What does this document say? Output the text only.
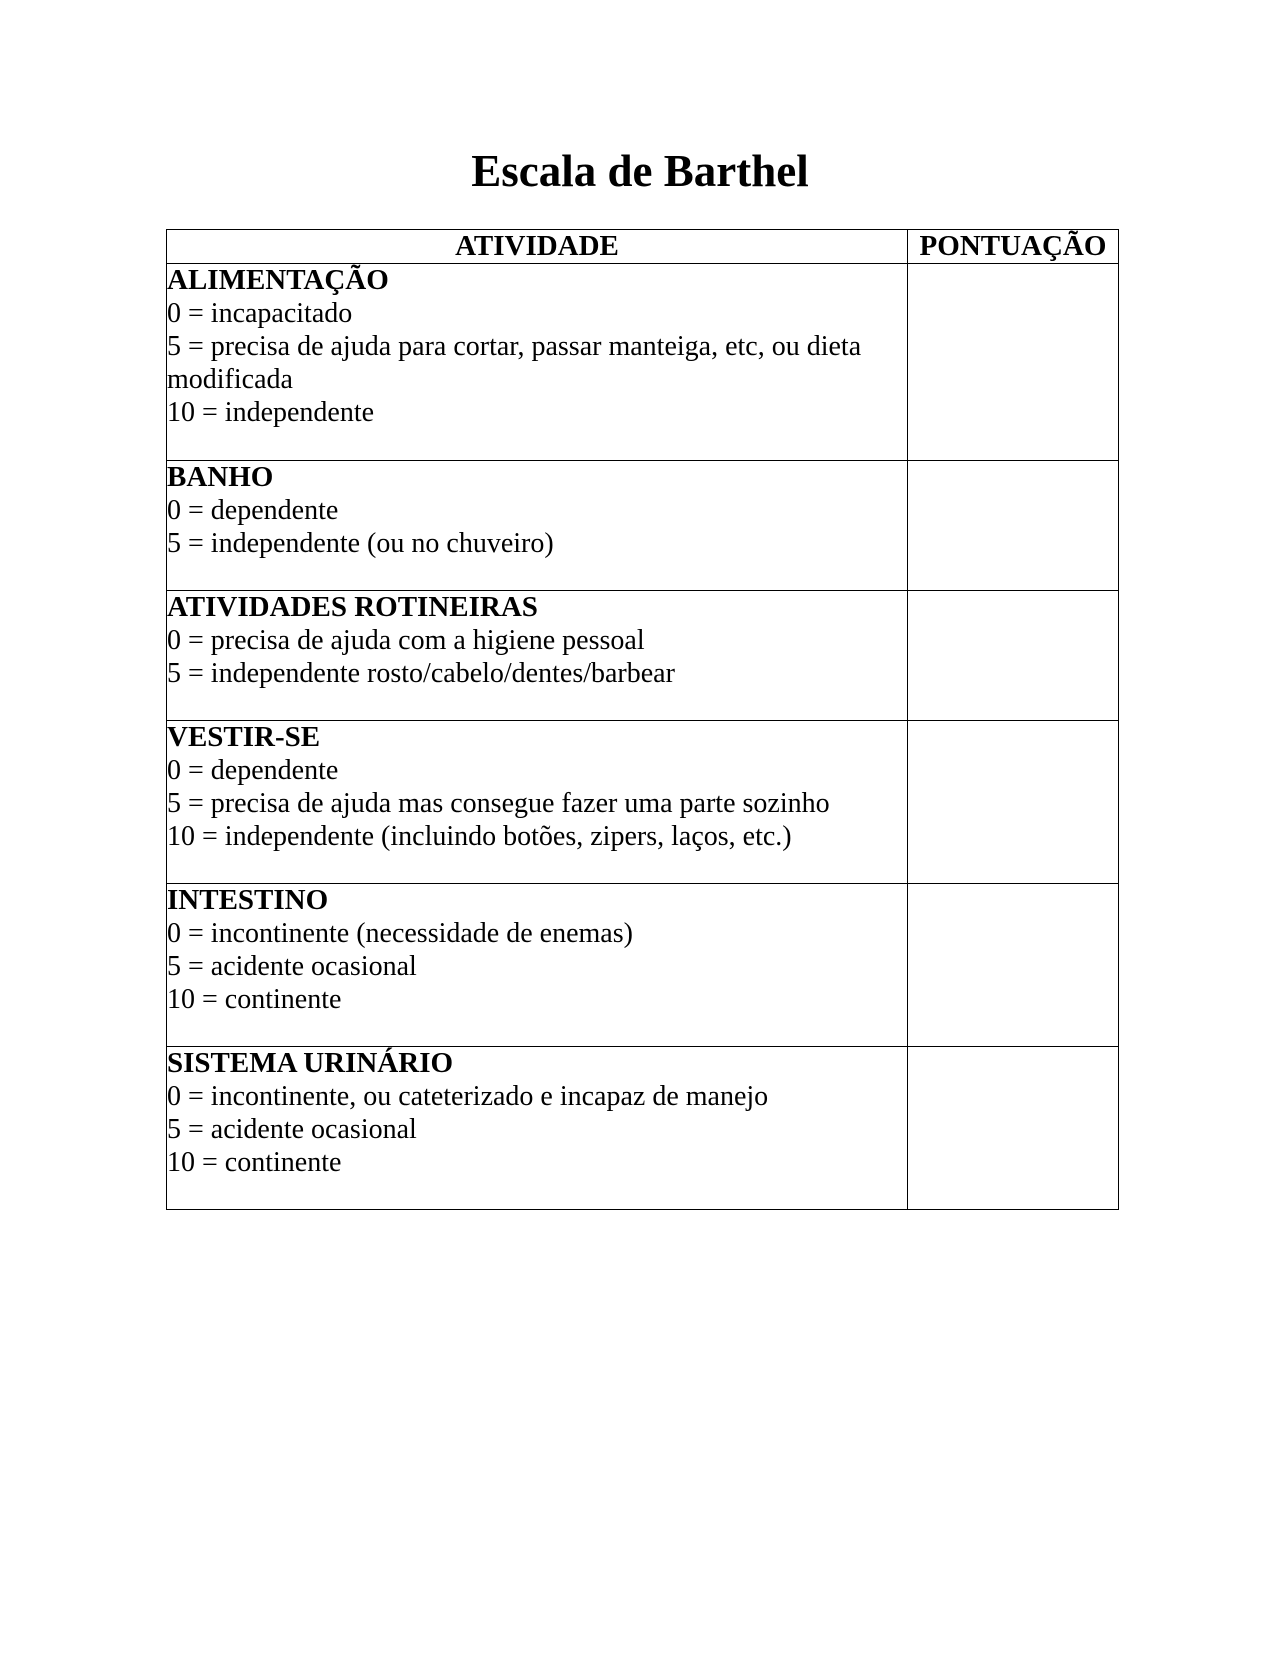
Escala de Barthel
ATIVIDADE	PONTUAÇÃO

ALIMENTAÇÃO
0 = incapacitado
5 = precisa de ajuda para cortar, passar manteiga, etc, ou dieta modificada
10 = independente	

BANHO
0 = dependente
5 = independente (ou no chuveiro)	

ATIVIDADES ROTINEIRAS
0 = precisa de ajuda com a higiene pessoal
5 = independente rosto/cabelo/dentes/barbear	

VESTIR-SE
0 = dependente
5 = precisa de ajuda mas consegue fazer uma parte sozinho
10 = independente (incluindo botões, zipers, laços, etc.)	

INTESTINO
0 = incontinente (necessidade de enemas)
5 = acidente ocasional
10 = continente	

SISTEMA URINÁRIO
0 = incontinente, ou cateterizado e incapaz de manejo
5 = acidente ocasional
10 = continente	
